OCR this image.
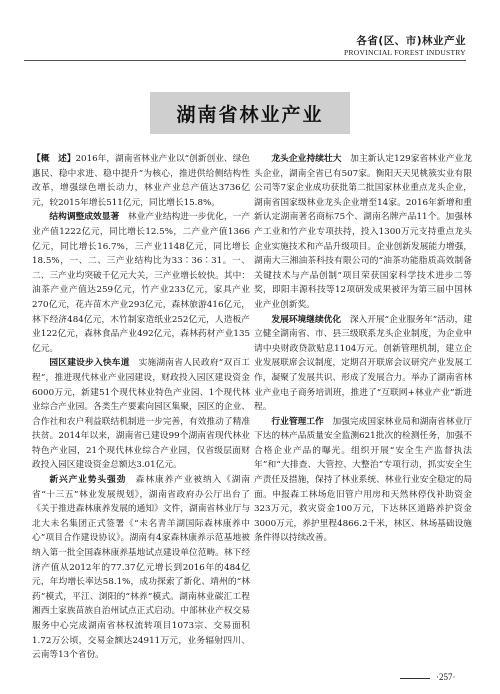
各省(区、市)林业产业
PROVINCIAL FOREST INDUSTRY
湖南省林业产业

【概　述】2016年，湖南省林业产业以“创新创业、绿色惠民、稳中求进、稳中提升”为核心，推进供给侧结构性改革，增强绿色增长动力，林业产业总产值达3736亿元，较2015年增长511亿元，同比增长15.8%。

结构调整成效显著　 林业产业结构进一步优化，一产业产值1222亿元，同比增长12.5%，二产业产值1366亿元，同比增长16.7%，三产业1148亿元，同比增长18.5%，一、二、三产业结构比为33∶36∶31。一、二、三产业均突破千亿元大关，三产业增长较快。其中：油茶产业产值达259亿元，竹产业233亿元，家具产业270亿元，花卉苗木产业293亿元，森林旅游416亿元，林下经济484亿元，木竹制家造纸业252亿元，人造板产业122亿元，森林食品产业492亿元，森林药材产业135亿元。

园区建设步入快车道　 实施湖南省人民政府“双百工程”，推进现代林业产业园建设，财政投入园区建设资金6000万元，新建51个现代林业特色产业园、1个现代林业综合产业园。各类生产要素向园区集聚，园区的企业、合作社和农户利益联结机制进一步完善，有效推动了精准扶贫。2014年以来，湖南省已建设99个湖南省现代林业特色产业园，21个现代林业综合产业园，仅省级层面财政投入园区建设资金总额达3.01亿元。

新兴产业势头强劲　 森林康养产业被纳入《湖南省“十三五”林业发展规划》，湖南省政府办公厅出台了《关于推进森林康养发展的通知》文件，湖南省林业厅与北大未名集团正式签署《“未名青羊湖国际森林康养中心”项目合作建设协议》。湖南有4家森林康养示范基地被纳入第一批全国森林康养基地试点建设单位范畴。林下经济产值从2012年的77.37亿元增长到2016年的484亿元，年均增长率达58.1%，成功探索了新化、靖州的“林药”模式，平江、浏阳的“林养”模式。湖南林业碳汇工程湘西土家族苗族自治州试点正式启动。中部林业产权交易服务中心完成湖南省林权流转项目1073宗、交易面积1.72万公顷，交易金额达24911万元，业务辐射四川、云南等13个省份。

龙头企业持续壮大　 加主新认定129家省林业产业龙头企业，湖南全省已有507家。衡阳天天见桃簇实业有限公司等7家企业成功获批第二批国家林业重点龙头企业，湖南省国家级林业龙头企业增至14家。2016年新增和重新认定湖南著名商标75个、湖南名牌产品11个。加强林产工业和竹产业专项扶持，投入1300万元支持重点龙头企业实施技术和产品升级项目。企业创新发展能力增强，湖南大三湘油茶科技有限公司的“油茶功能脂质高效制备关键技术与产品创制”项目荣获国家科学技术进步二等奖，即阳丰源科技等12项研发成果被评为第三届中国林业产业创新奖。

发展环境继续优化　 深入开展“企业服务年”活动，建立健全湖南省、市、县三级联系龙头企业制度，为企业申请中央财政贷款贴息1104万元。创新管理机制，建立企业发展联席会议制度，定期召开联席会议研究产业发展工作，凝聚了发展共识、形成了发展合力。举办了湖南省林业产业电子商务培训班，推进了“互联网+林业产业”新进程。

行业管理工作　 加强完成国家林业局和湖南省林业厅下达的林产品质量安全监测621批次的检测任务，加强不合格企业产品的曝光。组织开展“安全生产监督执法年”和“大排查、大管控、大整治”专项行动，抓实安全生产责任及措施，保持了林业系统、林业行业安全稳定的局面。申报森工林场危旧管户用房和天然林停伐补助资金323万元，救灾资金100万元，下达林区道路养护资金3000万元，养护里程4866.2千米，林区、林场基础设施条件得以持续改善。

·257·
